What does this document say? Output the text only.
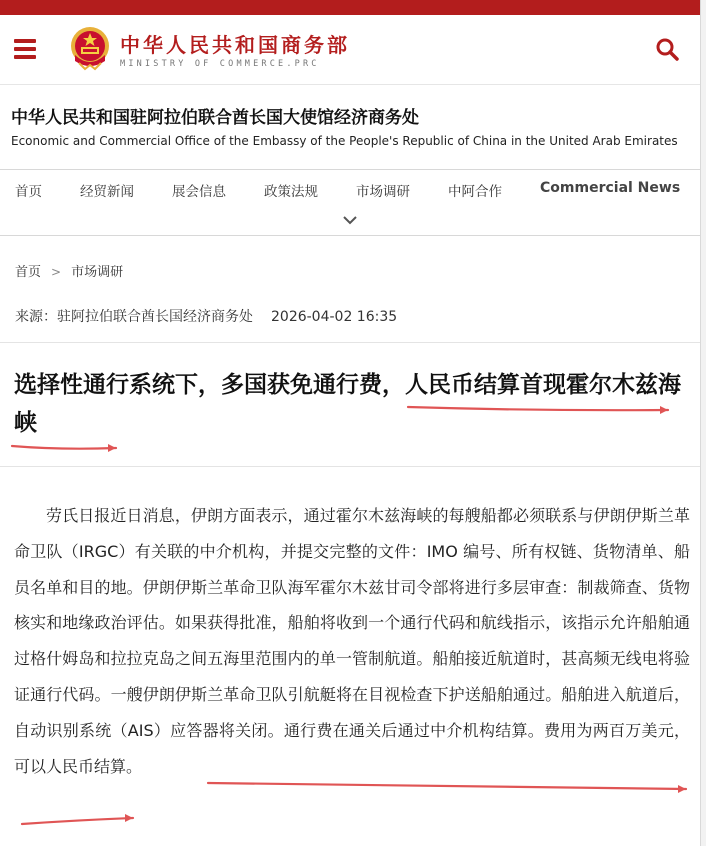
中华人民共和国商务部
MINISTRY OF COMMERCE.PRC
中华人民共和国驻阿拉伯联合酋长国大使馆经济商务处
Economic and Commercial Office of the Embassy of the People's Republic of China in the United Arab Emirates
首页	经贸新闻	展会信息	政策法规	市场调研	中阿合作	Commercial News
首页 > 市场调研
来源：驻阿拉伯联合酋长国经济商务处 2026-04-02 16:35
选择性通行系统下，多国获免通行费，人民币结算首现霍尔木兹海峡

劳氏日报近日消息，伊朗方面表示，通过霍尔木兹海峡的每艘船都必须联系与伊朗伊斯兰革命卫队（IRGC）有关联的中介机构，并提交完整的文件：IMO 编号、所有权链、货物清单、船员名单和目的地。伊朗伊斯兰革命卫队海军霍尔木兹甘司令部将进行多层审查：制裁筛查、货物核实和地缘政治评估。如果获得批准，船舶将收到一个通行代码和航线指示，该指示允许船舶通过格什姆岛和拉拉克岛之间五海里范围内的单一管制航道。船舶接近航道时，甚高频无线电将验证通行代码。一艘伊朗伊斯兰革命卫队引航艇将在目视检查下护送船舶通过。船舶进入航道后，自动识别系统（AIS）应答器将关闭。通行费在通关后通过中介机构结算。费用为两百万美元，可以人民币结算。
